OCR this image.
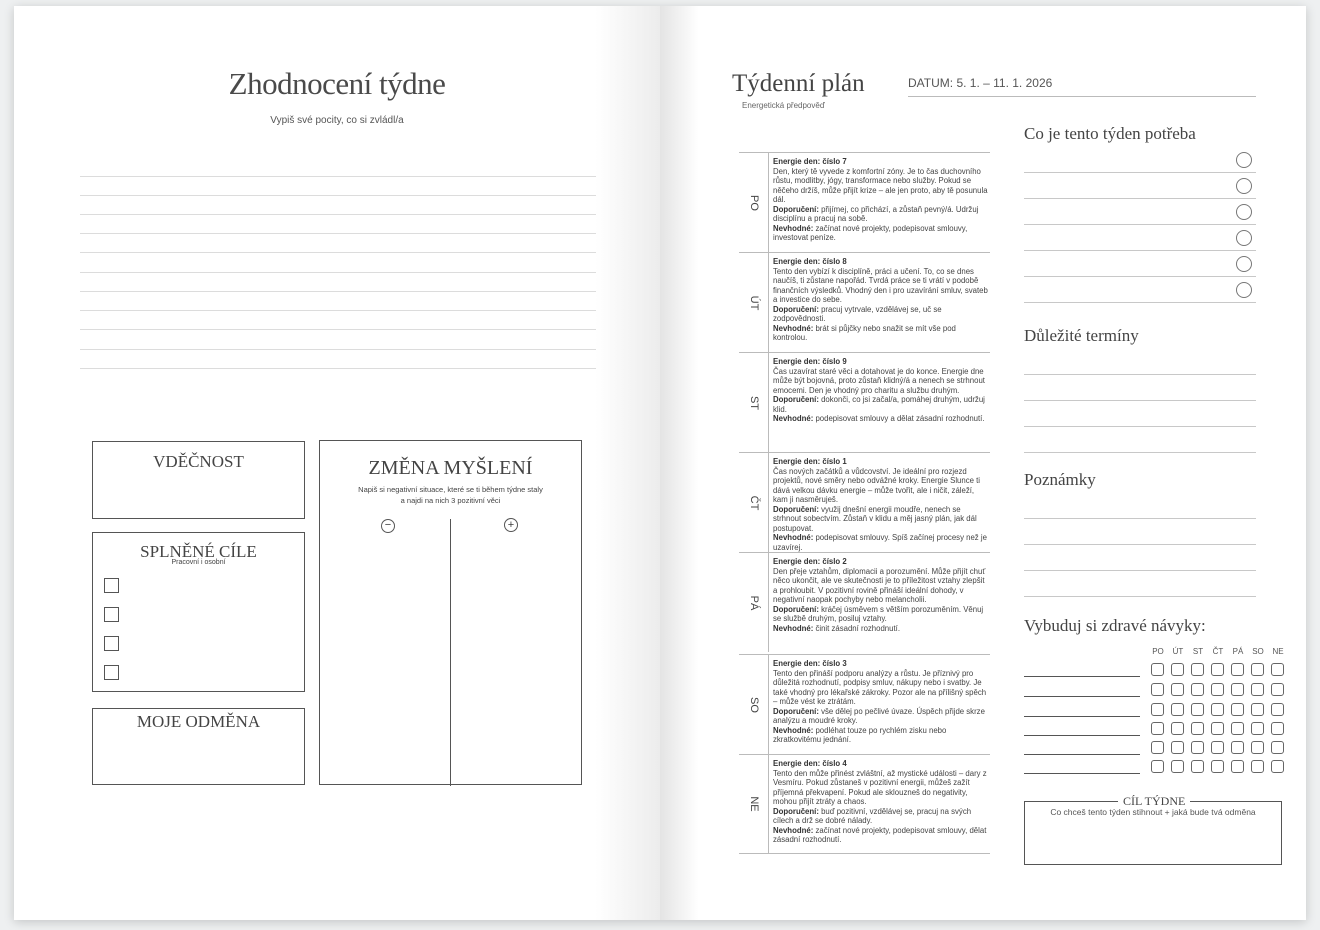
Zhodnocení týdne
Vypiš své pocity, co si zvládl/a
VDĚČNOST
SPLNĚNÉ CÍLE
Pracovní i osobní
MOJE ODMĚNA
ZMĚNA MYŠLENÍ
Napiš si negativní situace, které se ti během týdne staly
a najdi na nich 3 pozitivní věci
−	+
Týdenní plán
Energetická předpověď
DATUM: 5. 1. – 11. 1. 2026
PO

Energie den: číslo 7

Den, který tě vyvede z komfortní zóny. Je to čas duchovního růstu, modlitby, jógy, transformace nebo služby. Pokud se něčeho držíš, může přijít krize – ale jen proto, aby tě posunula dál.

Doporučení: přijímej, co přichází, a zůstaň pevný/á. Udržuj disciplínu a pracuj na sobě.

Nevhodné: začínat nové projekty, podepisovat smlouvy, investovat peníze.

ÚT

Energie den: číslo 8

Tento den vybízí k disciplíně, práci a učení. To, co se dnes naučíš, ti zůstane napořád. Tvrdá práce se ti vrátí v podobě finančních výsledků. Vhodný den i pro uzavírání smluv, svateb a investice do sebe.

Doporučení: pracuj vytrvale, vzdělávej se, uč se zodpovědnosti.

Nevhodné: brát si půjčky nebo snažit se mít vše pod kontrolou.

ST

Energie den: číslo 9

Čas uzavírat staré věci a dotahovat je do konce. Energie dne může být bojovná, proto zůstaň klidný/á a nenech se strhnout emocemi. Den je vhodný pro charitu a službu druhým.

Doporučení: dokonči, co jsi začal/a, pomáhej druhým, udržuj klid.

Nevhodné: podepisovat smlouvy a dělat zásadní rozhodnutí.

ČT

Energie den: číslo 1

Čas nových začátků a vůdcovství. Je ideální pro rozjezd projektů, nové směry nebo odvážné kroky. Energie Slunce ti dává velkou dávku energie – může tvořit, ale i ničit, záleží, kam ji nasměruješ.

Doporučení: využij dnešní energii moudře, nenech se strhnout sobectvím. Zůstaň v klidu a měj jasný plán, jak dál postupovat.

Nevhodné: podepisovat smlouvy. Spíš začínej procesy než je uzavírej.

PÁ

Energie den: číslo 2

Den přeje vztahům, diplomacii a porozumění. Může přijít chuť něco ukončit, ale ve skutečnosti je to příležitost vztahy zlepšit a prohloubit. V pozitivní rovině přináší ideální dohody, v negativní naopak pochyby nebo melancholii.

Doporučení: kráčej úsměvem s větším porozuměním. Věnuj se službě druhým, posiluj vztahy.

Nevhodné: činit zásadní rozhodnutí.

SO

Energie den: číslo 3

Tento den přináší podporu analýzy a růstu. Je příznivý pro důležitá rozhodnutí, podpisy smluv, nákupy nebo i svatby. Je také vhodný pro lékařské zákroky. Pozor ale na přílišný spěch – může vést ke ztrátám.

Doporučení: vše dělej po pečlivé úvaze. Úspěch přijde skrze analýzu a moudré kroky.

Nevhodné: podléhat touze po rychlém zisku nebo zkratkovitému jednání.

NE

Energie den: číslo 4

Tento den může přinést zvláštní, až mystické události – dary z Vesmíru. Pokud zůstaneš v pozitivní energii, můžeš zažít příjemná překvapení. Pokud ale sklouzneš do negativity, mohou přijít ztráty a chaos.

Doporučení: buď pozitivní, vzdělávej se, pracuj na svých cílech a drž se dobré nálady.

Nevhodné: začínat nové projekty, podepisovat smlouvy, dělat zásadní rozhodnutí.

Co je tento týden potřeba
Důležité termíny
Poznámky
Vybuduj si zdravé návyky:
PO	ÚT	ST	ČT	PÁ	SO	NE
CÍL TÝDNE
Co chceš tento týden stihnout + jaká bude tvá odměna
